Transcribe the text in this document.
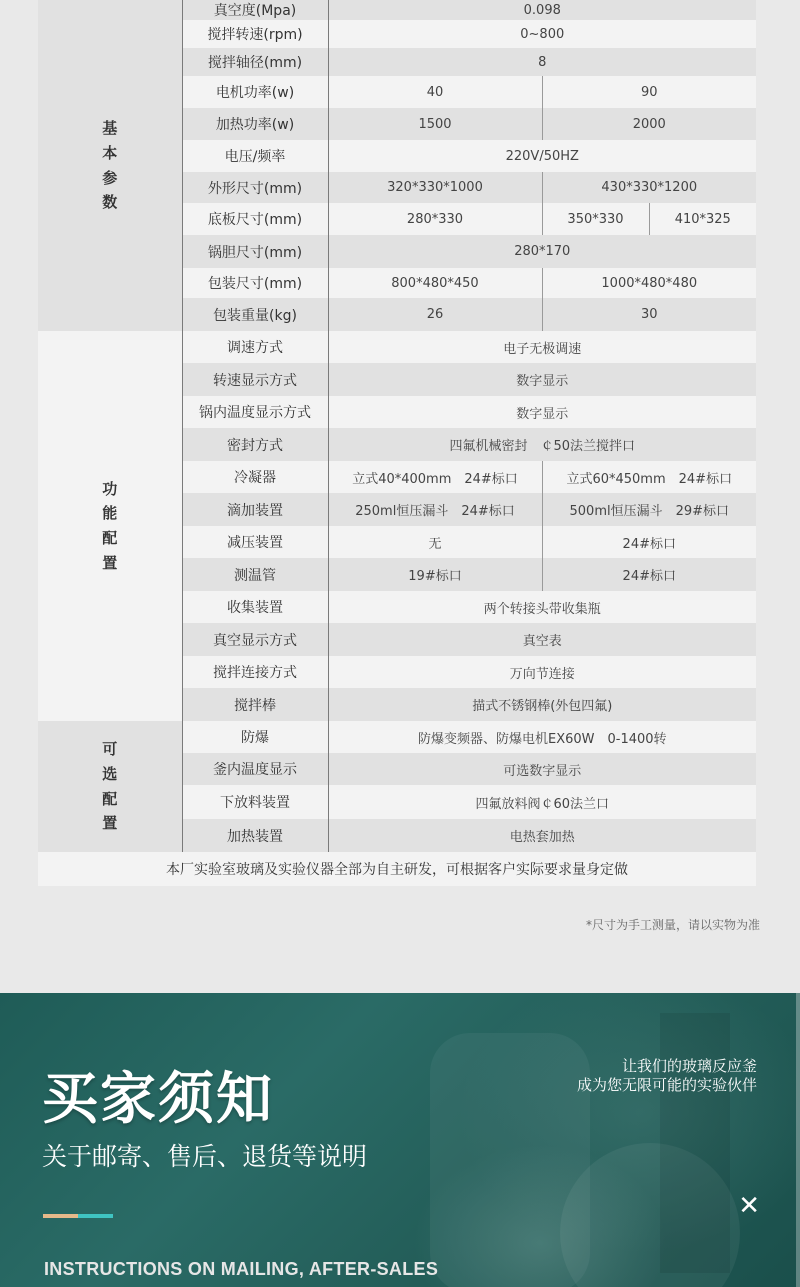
基
本
参
数	真空度(Mpa)	0.098		
	搅拌转速(rpm)	0~800		
	搅拌轴径(mm)	8		
	电机功率(w)	40	90	
	加热功率(w)	1500	2000	
	电压/频率	220V/50HZ		
	外形尺寸(mm)	320*330*1000	430*330*1200	
	底板尺寸(mm)	280*330	350*330	410*325
	锅胆尺寸(mm)	280*170		
	包装尺寸(mm)	800*480*450	1000*480*480	
	包装重量(kg)	26	30	

功
能
配
置	调速方式	电子无极调速		
	转速显示方式	数字显示		
	锅内温度显示方式	数字显示		
	密封方式	四氟机械密封　￠50法兰搅拌口		
	冷凝器	立式40*400mm　24#标口	立式60*450mm　24#标口	
	滴加装置	250ml恒压漏斗　24#标口	500ml恒压漏斗　29#标口	
	减压装置	无	24#标口	
	测温管	19#标口	24#标口	
	收集装置	两个转接头带收集瓶		
	真空显示方式	真空表		
	搅拌连接方式	万向节连接		
	搅拌棒	描式不锈钢棒(外包四氟)		

可
选
配
置	防爆	防爆变频器、防爆电机EX60W　0-1400转		
	釜内温度显示	可选数字显示		
	下放料装置	四氟放料阀￠60法兰口		
	加热装置	电热套加热		
本厂实验室玻璃及实验仪器全部为自主研发，可根据客户实际要求量身定做				
*尺寸为手工测量，请以实物为准
买家须知
关于邮寄、售后、退货等说明
让我们的玻璃反应釜
成为您无限可能的实验伙伴
✕
INSTRUCTIONS ON MAILING, AFTER-SALES
